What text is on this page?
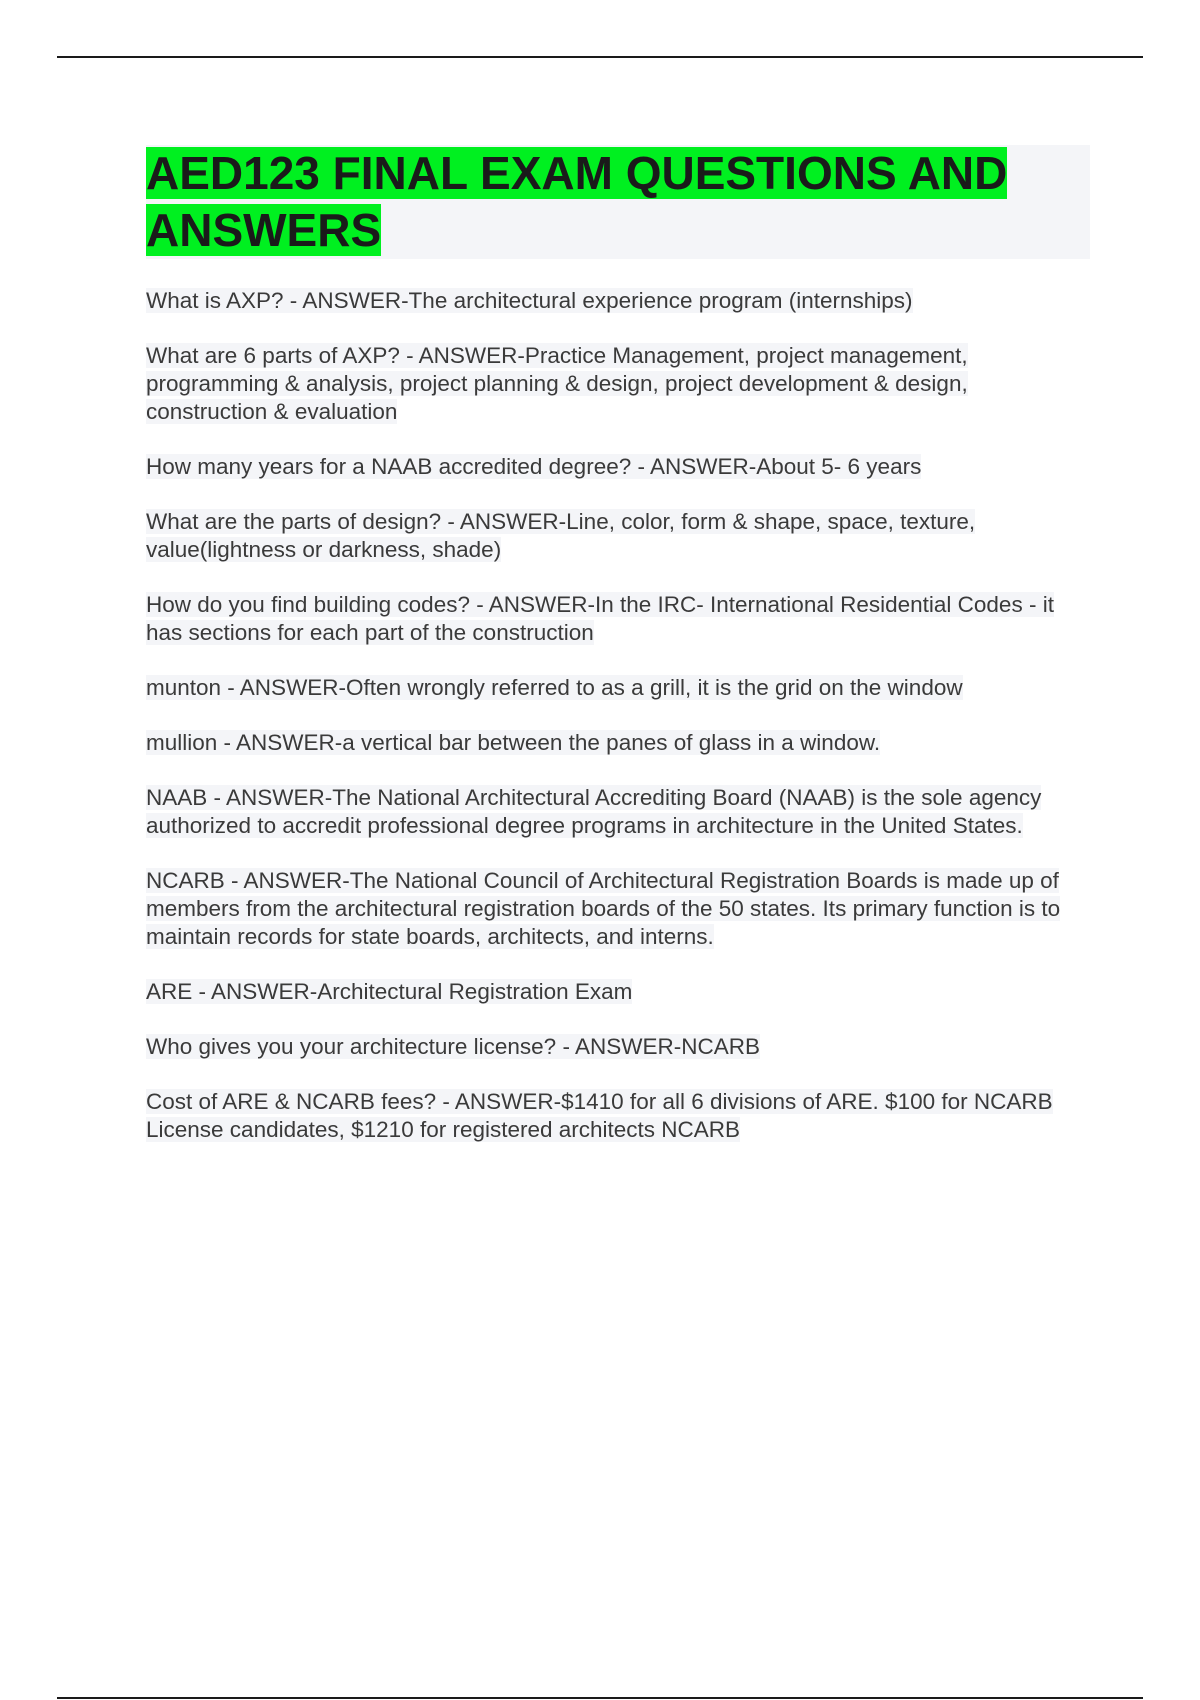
AED123 FINAL EXAM QUESTIONS AND ANSWERS
What is AXP? - ANSWER-The architectural experience program (internships)
What are 6 parts of AXP? - ANSWER-Practice Management, project management, programming & analysis, project planning & design, project development & design, construction & evaluation
How many years for a NAAB accredited degree? - ANSWER-About 5- 6 years
What are the parts of design? - ANSWER-Line, color, form & shape, space, texture, value(lightness or darkness, shade)
How do you find building codes? - ANSWER-In the IRC- International Residential Codes - it has sections for each part of the construction
munton - ANSWER-Often wrongly referred to as a grill, it is the grid on the window
mullion - ANSWER-a vertical bar between the panes of glass in a window.
NAAB - ANSWER-The National Architectural Accrediting Board (NAAB) is the sole agency authorized to accredit professional degree programs in architecture in the United States.
NCARB - ANSWER-The National Council of Architectural Registration Boards is made up of members from the architectural registration boards of the 50 states. Its primary function is to maintain records for state boards, architects, and interns.
ARE - ANSWER-Architectural Registration Exam
Who gives you your architecture license? - ANSWER-NCARB
Cost of ARE & NCARB fees? - ANSWER-$1410 for all 6 divisions of ARE. $100 for NCARB License candidates, $1210 for registered architects NCARB
